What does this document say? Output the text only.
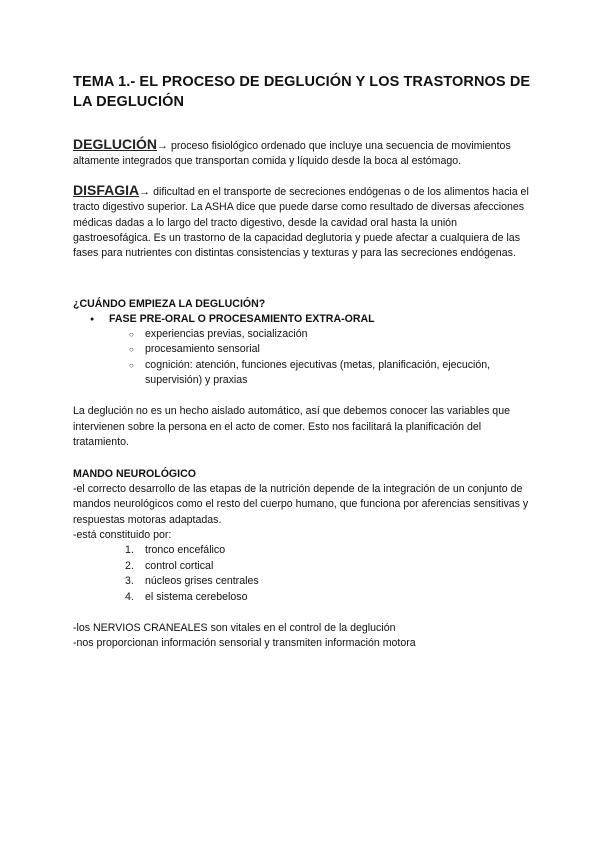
TEMA 1.- EL PROCESO DE DEGLUCIÓN Y LOS TRASTORNOS DE LA DEGLUCIÓN

DEGLUCIÓN→ proceso fisiológico ordenado que incluye una secuencia de movimientos altamente integrados que transportan comida y líquido desde la boca al estómago.

DISFAGIA→ dificultad en el transporte de secreciones endógenas o de los alimentos hacia el tracto digestivo superior. La ASHA dice que puede darse como resultado de diversas afecciones médicas dadas a lo largo del tracto digestivo, desde la cavidad oral hasta la unión gastroesofágica. Es un trastorno de la capacidad deglutoria y puede afectar a cualquiera de las fases para nutrientes con distintas consistencias y texturas y para las secreciones endógenas.

¿CUÁNDO EMPIEZA LA DEGLUCIÓN?

● FASE PRE-ORAL O PROCESAMIENTO EXTRA-ORAL
○ experiencias previas, socialización
○ procesamiento sensorial
○ cognición: atención, funciones ejecutivas (metas, planificación, ejecución, supervisión) y praxias

La deglución no es un hecho aislado automático, así que debemos conocer las variables que intervienen sobre la persona en el acto de comer. Esto nos facilitará la planificación del tratamiento.

MANDO NEUROLÓGICO

-el correcto desarrollo de las etapas de la nutrición depende de la integración de un conjunto de mandos neurológicos como el resto del cuerpo humano, que funciona por aferencias sensitivas y respuestas motoras adaptadas.

-está constituido por:

1. tronco encefálico
2. control cortical
3. núcleos grises centrales
4. el sistema cerebeloso

-los NERVIOS CRANEALES son vitales en el control de la deglución

-nos proporcionan información sensorial y transmiten información motora
